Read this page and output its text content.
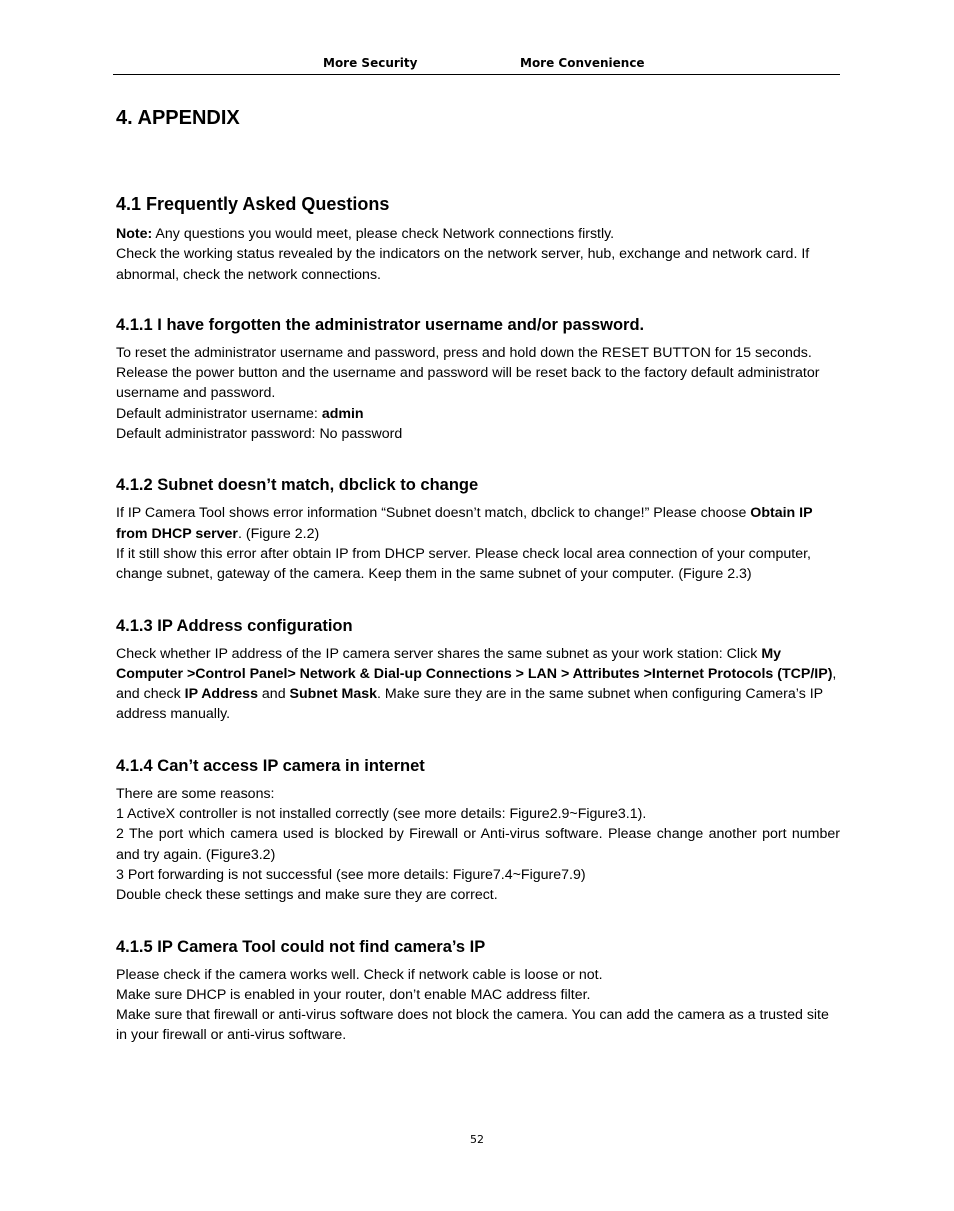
More Security	More Convenience
4. APPENDIX
4.1 Frequently Asked Questions

Note: Any questions you would meet, please check Network connections firstly.

Check the working status revealed by the indicators on the network server, hub, exchange and network card. If abnormal, check the network connections.

4.1.1 I have forgotten the administrator username and/or password.

To reset the administrator username and password, press and hold down the RESET BUTTON for 15 seconds. Release the power button and the username and password will be reset back to the factory default administrator username and password.

Default administrator username: admin

Default administrator password: No password

4.1.2 Subnet doesn’t match, dbclick to change

If IP Camera Tool shows error information “Subnet doesn’t match, dbclick to change!” Please choose Obtain IP from DHCP server. (Figure 2.2)

If it still show this error after obtain IP from DHCP server. Please check local area connection of your computer, change subnet, gateway of the camera. Keep them in the same subnet of your computer. (Figure 2.3)

4.1.3 IP Address configuration

Check whether IP address of the IP camera server shares the same subnet as your work station: Click My Computer >Control Panel> Network & Dial-up Connections > LAN > Attributes >Internet Protocols (TCP/IP), and check IP Address and Subnet Mask. Make sure they are in the same subnet when configuring Camera’s IP address manually.

4.1.4 Can’t access IP camera in internet

There are some reasons:

1 ActiveX controller is not installed correctly (see more details: Figure2.9~Figure3.1).

2 The port which camera used is blocked by Firewall or Anti-virus software. Please change another port number and try again. (Figure3.2)

3 Port forwarding is not successful (see more details: Figure7.4~Figure7.9)

Double check these settings and make sure they are correct.

4.1.5 IP Camera Tool could not find camera’s IP

Please check if the camera works well. Check if network cable is loose or not.

Make sure DHCP is enabled in your router, don’t enable MAC address filter.

Make sure that firewall or anti-virus software does not block the camera. You can add the camera as a trusted site in your firewall or anti-virus software.

52
